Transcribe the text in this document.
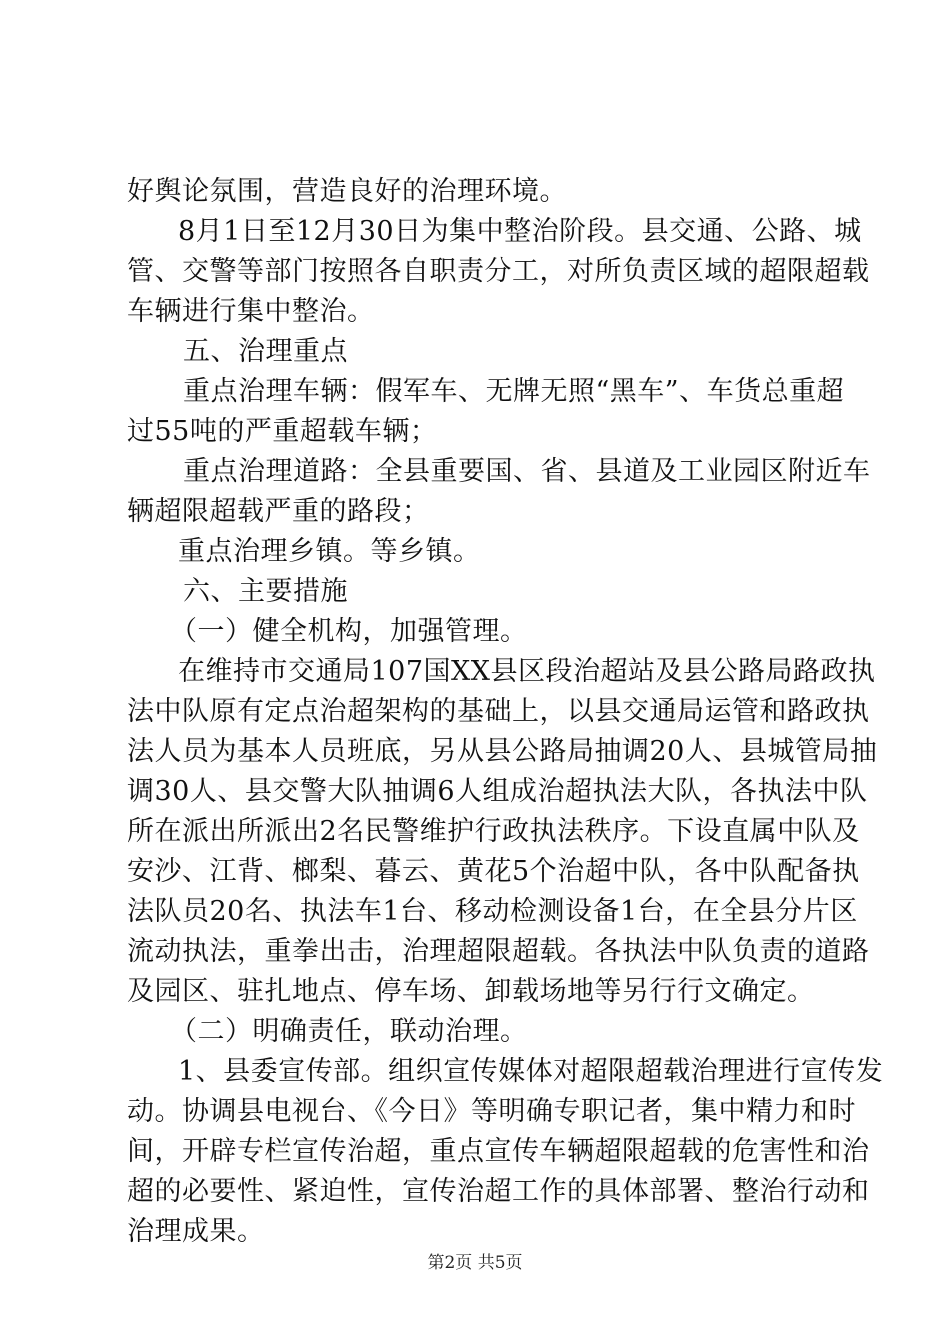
好舆论氛围，营造良好的治理环境。
8月1日至12月30日为集中整治阶段。县交通、公路、城
管、交警等部门按照各自职责分工，对所负责区域的超限超载
车辆进行集中整治。
五、治理重点
重点治理车辆：假军车、无牌无照“黑车”、车货总重超
过55吨的严重超载车辆；
重点治理道路：全县重要国、省、县道及工业园区附近车
辆超限超载严重的路段；
重点治理乡镇。等乡镇。
六、主要措施
（一）健全机构，加强管理。
在维持市交通局107国XX县区段治超站及县公路局路政执
法中队原有定点治超架构的基础上，以县交通局运管和路政执
法人员为基本人员班底，另从县公路局抽调20人、县城管局抽
调30人、县交警大队抽调6人组成治超执法大队，各执法中队
所在派出所派出2名民警维护行政执法秩序。下设直属中队及
安沙、江背、榔梨、暮云、黄花5个治超中队，各中队配备执
法队员20名、执法车1台、移动检测设备1台，在全县分片区
流动执法，重拳出击，治理超限超载。各执法中队负责的道路
及园区、驻扎地点、停车场、卸载场地等另行行文确定。
（二）明确责任，联动治理。
1、县委宣传部。组织宣传媒体对超限超载治理进行宣传发
动。协调县电视台、《今日》等明确专职记者，集中精力和时
间，开辟专栏宣传治超，重点宣传车辆超限超载的危害性和治
超的必要性、紧迫性，宣传治超工作的具体部署、整治行动和
治理成果。
第2页 共5页
